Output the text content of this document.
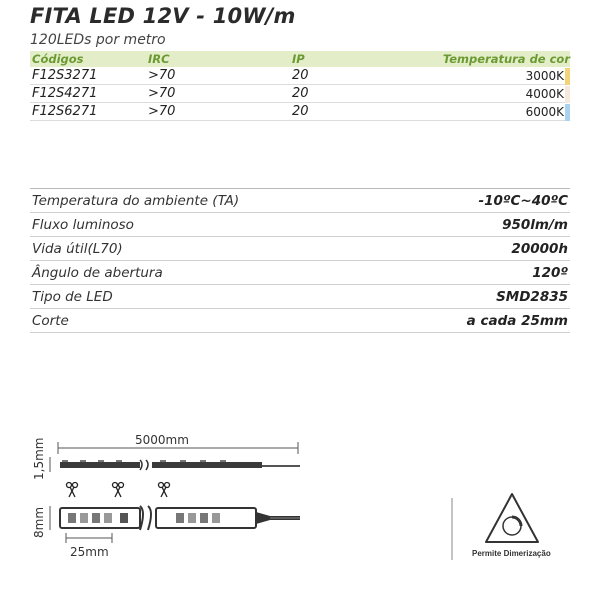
FITA LED 12V - 10W/m
120LEDs por metro
Códigos	IRC	IP	Temperatura de cor
F12S3271	>70	20	3000K
F12S4271	>70	20	4000K
F12S6271	>70	20	6000K
Temperatura do ambiente (TA)	-10ºC~40ºC
Fluxo luminoso	950lm/m
Vida útil(L70)	20000h
Ângulo de abertura	120º
Tipo de LED	SMD2835
Corte	a cada 25mm
5000mm
1,5mm
8mm
25mm	Permite Dimerização
